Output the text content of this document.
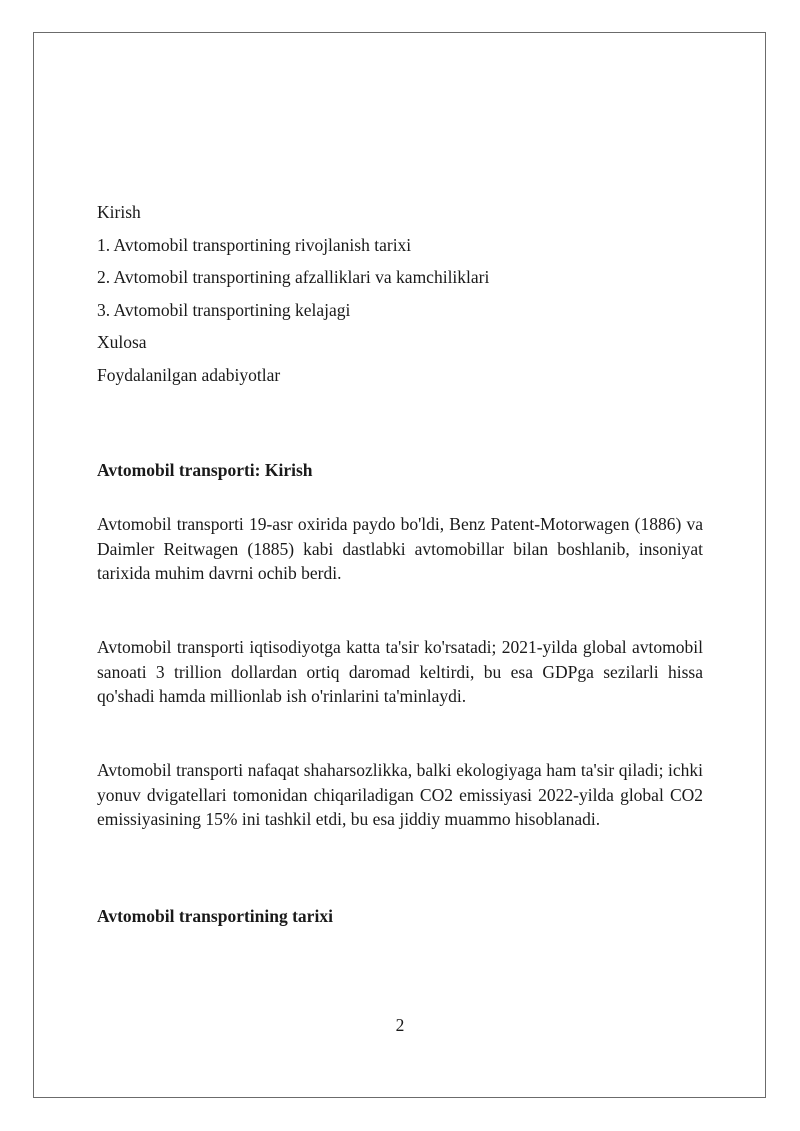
Kirish
1. Avtomobil transportining rivojlanish tarixi
2. Avtomobil transportining afzalliklari va kamchiliklari
3. Avtomobil transportining kelajagi
Xulosa
Foydalanilgan adabiyotlar
Avtomobil transporti: Kirish

Avtomobil transporti 19-asr oxirida paydo bo'ldi, Benz Patent-Motorwagen (1886) va Daimler Reitwagen (1885) kabi dastlabki avtomobillar bilan boshlanib, insoniyat tarixida muhim davrni ochib berdi.

Avtomobil transporti iqtisodiyotga katta ta'sir ko'rsatadi; 2021-yilda global avtomobil sanoati 3 trillion dollardan ortiq daromad keltirdi, bu esa GDPga sezilarli hissa qo'shadi hamda millionlab ish o'rinlarini ta'minlaydi.

Avtomobil transporti nafaqat shaharsozlikka, balki ekologiyaga ham ta'sir qiladi; ichki yonuv dvigatellari tomonidan chiqariladigan CO2 emissiyasi 2022-yilda global CO2 emissiyasining 15% ini tashkil etdi, bu esa jiddiy muammo hisoblanadi.

Avtomobil transportining tarixi
2
